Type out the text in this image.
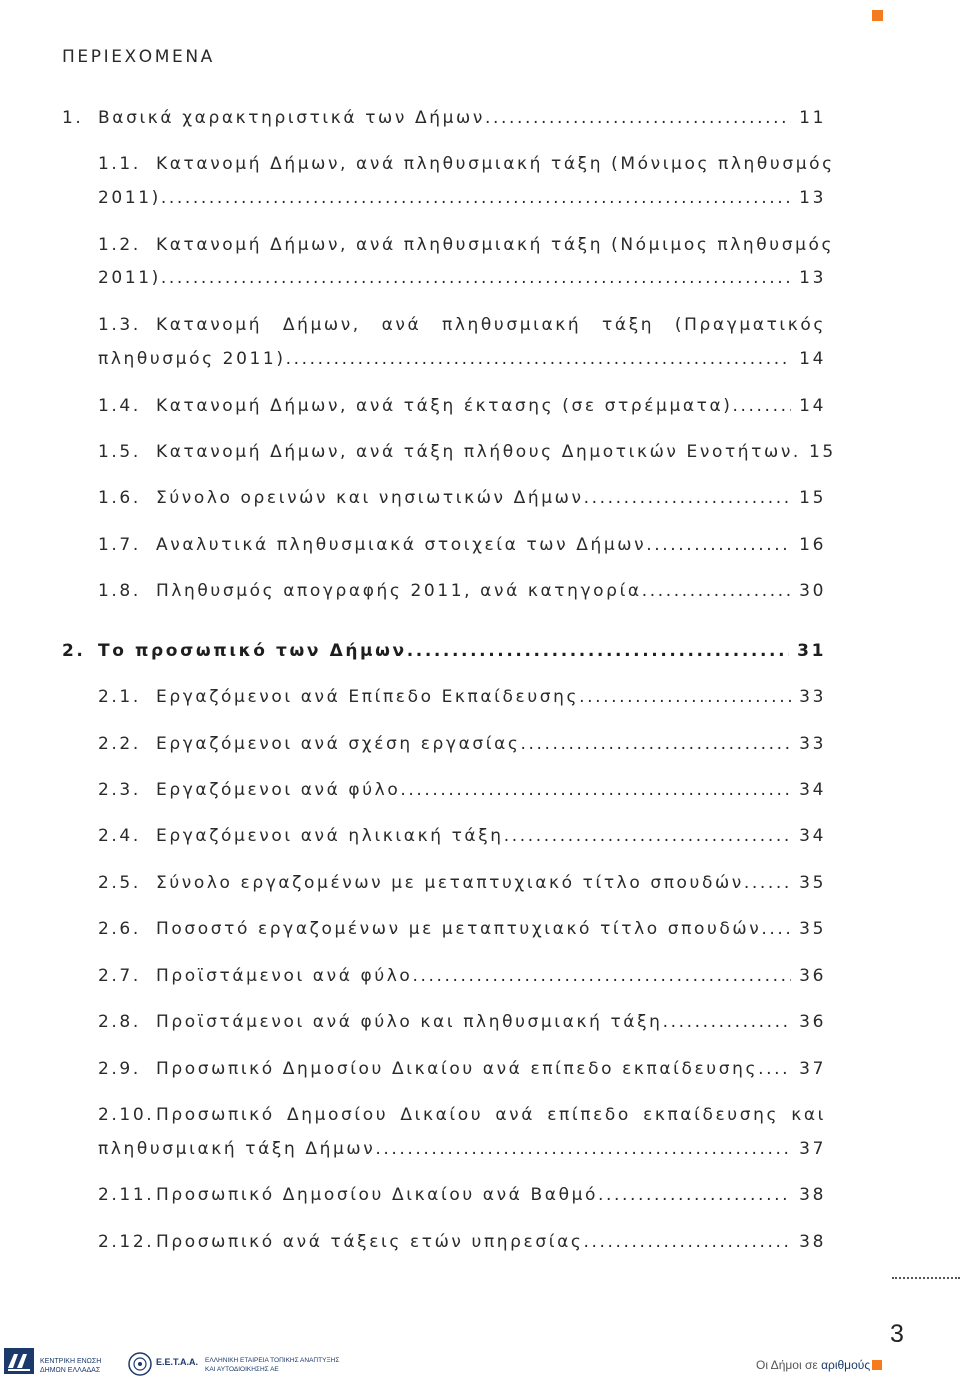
ΠΕΡΙΕΧΟΜΕΝΑ
1. Βασικά χαρακτηριστικά των Δήμων .....	11
1.1. Κατανομή Δήμων, ανά πληθυσμιακή τάξη (Μόνιμος πληθυσμός
2011) .....	13
1.2. Κατανομή Δήμων, ανά πληθυσμιακή τάξη (Νόμιμος πληθυσμός
2011) .....	13
1.3. Κατανομή Δήμων, ανά πληθυσμιακή τάξη (Πραγματικός
πληθυσμός 2011) .....	14
1.4. Κατανομή Δήμων, ανά τάξη έκτασης (σε στρέμματα) .....	14
1.5. Κατανομή Δήμων, ανά τάξη πλήθους Δημοτικών Ενοτήτων. 15
1.6. Σύνολο ορεινών και νησιωτικών Δήμων .....	15
1.7. Αναλυτικά πληθυσμιακά στοιχεία των Δήμων .....	16
1.8. Πληθυσμός απογραφής 2011, ανά κατηγορία .....	30
2. Το προσωπικό των Δήμων .....	31
2.1. Εργαζόμενοι ανά Επίπεδο Εκπαίδευσης .....	33
2.2. Εργαζόμενοι ανά σχέση εργασίας .....	33
2.3. Εργαζόμενοι ανά φύλο .....	34
2.4. Εργαζόμενοι ανά ηλικιακή τάξη .....	34
2.5. Σύνολο εργαζομένων με μεταπτυχιακό τίτλο σπουδών .....	35
2.6. Ποσοστό εργαζομένων με μεταπτυχιακό τίτλο σπουδών .....	35
2.7. Προϊστάμενοι ανά φύλο .....	36
2.8. Προϊστάμενοι ανά φύλο και πληθυσμιακή τάξη .....	36
2.9. Προσωπικό Δημοσίου Δικαίου ανά επίπεδο εκπαίδευσης .....	37
2.10. Προσωπικό Δημοσίου Δικαίου ανά επίπεδο εκπαίδευσης και
πληθυσμιακή τάξη Δήμων .....	37
2.11. Προσωπικό Δημοσίου Δικαίου ανά Βαθμό .....	38
2.12. Προσωπικό ανά τάξεις ετών υπηρεσίας .....	38
3
ΚΕΝΤΡΙΚΗ ΕΝΩΣΗ
ΔΗΜΩΝ ΕΛΛΑΔΑΣ
Ε.Ε.Τ.Α.Α. ΕΛΛΗΝΙΚΗ ΕΤΑΙΡΕΙΑ ΤΟΠΙΚΗΣ ΑΝΑΠΤΥΞΗΣ
ΚΑΙ ΑΥΤΟΔΙΟΙΚΗΣΗΣ ΑΕ	Οι Δήμοι σε αριθμούς
